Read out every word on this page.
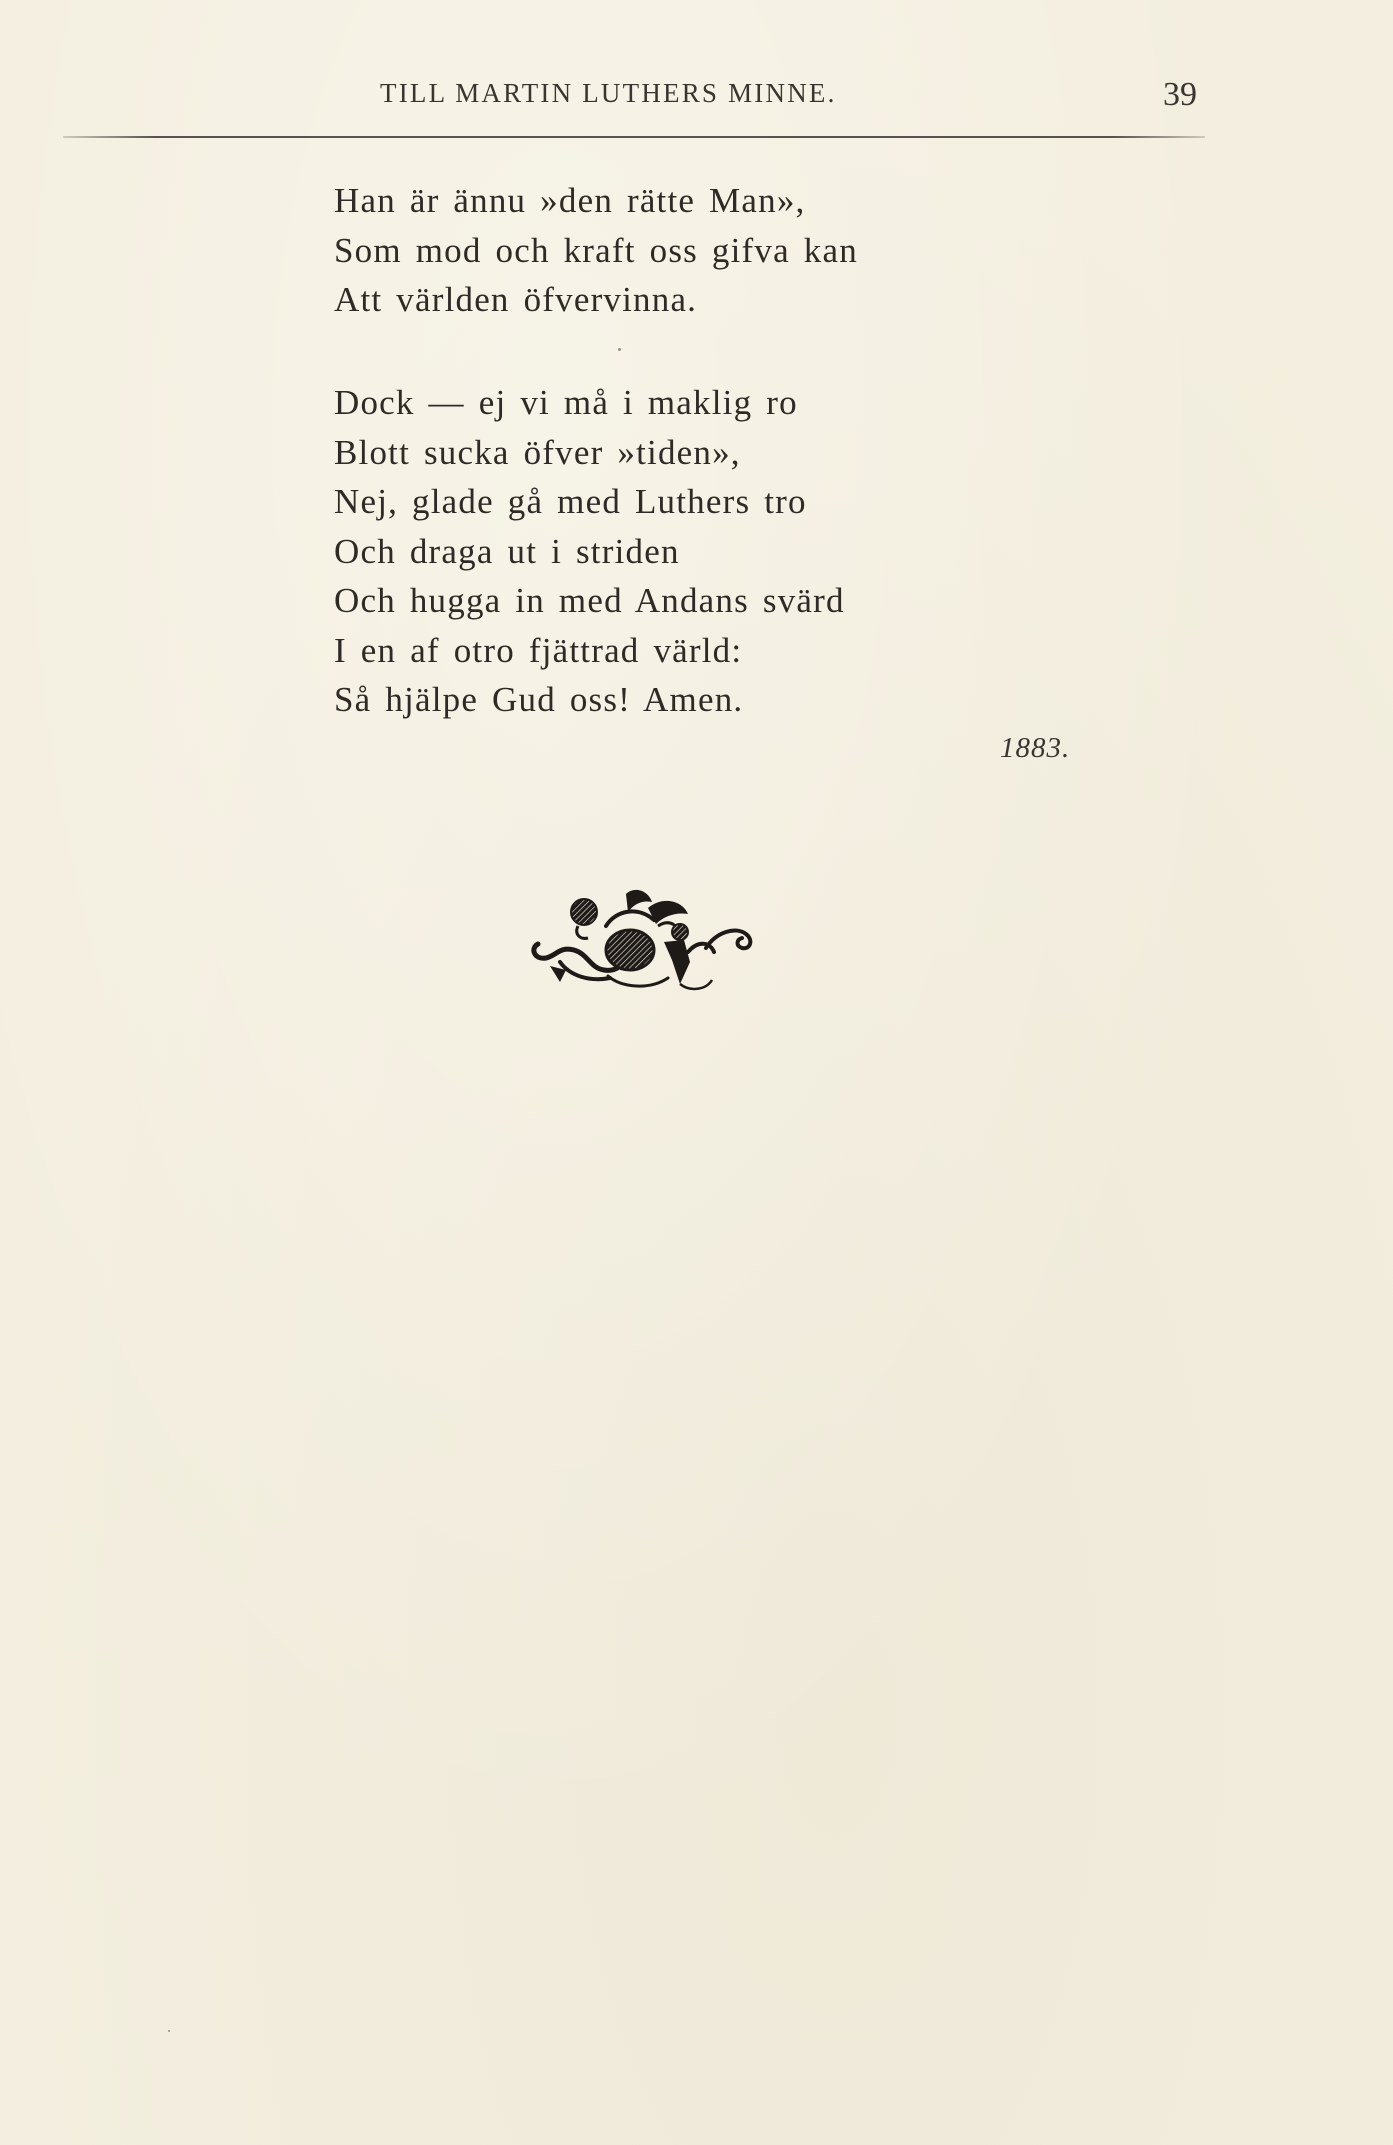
TILL MARTIN LUTHERS MINNE.	39
Han är ännu »den rätte Man»,
Som mod och kraft oss gifva kan
Att världen öfvervinna.
Dock — ej vi må i maklig ro
Blott sucka öfver »tiden»,
Nej, glade gå med Luthers tro
Och draga ut i striden
Och hugga in med Andans svärd
I en af otro fjättrad värld:
Så hjälpe Gud oss! Amen.
1883.
